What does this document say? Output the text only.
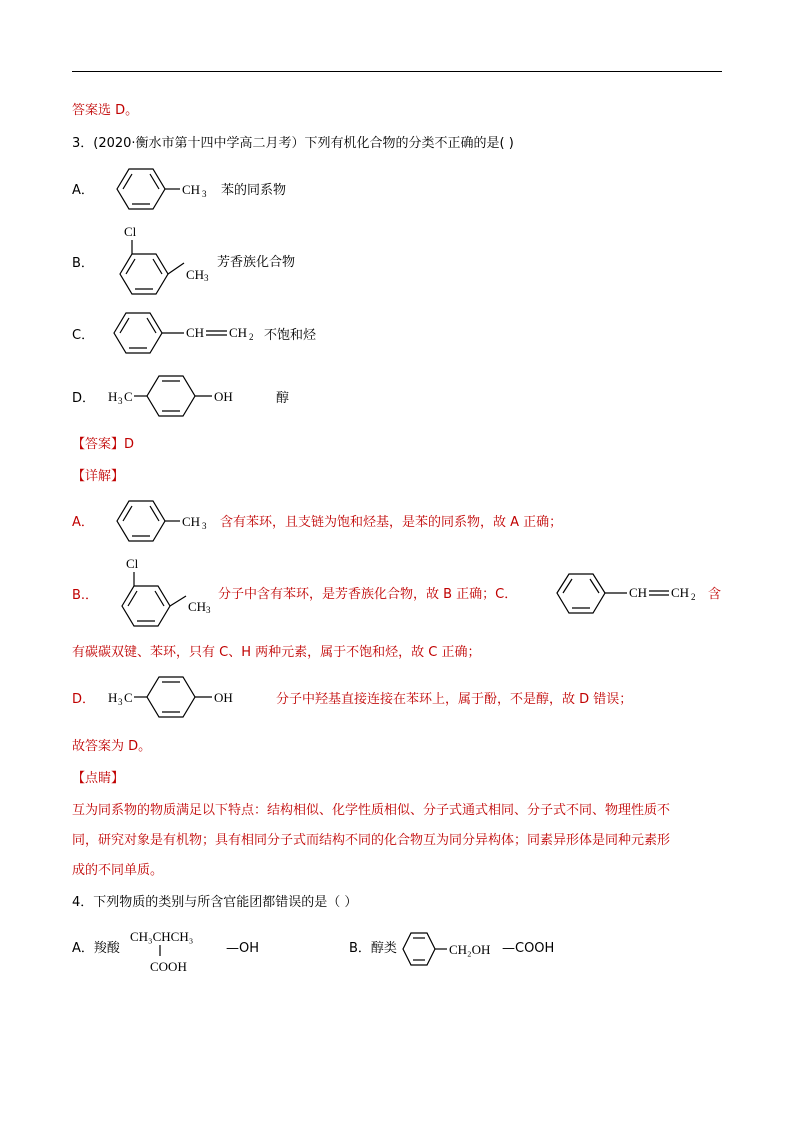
答案选 D。
3．(2020·衡水市第十四中学高二月考）下列有机化合物的分类不正确的是( )
A．	CH 3 苯的同系物
B．
Cl
CH 3
芳香族化合物
C．	CH CH 2 不饱和烃
D． H 3 C	OH	醇
【答案】D
【详解】
A．	CH 3 含有苯环，且支链为饱和烃基，是苯的同系物，故 A 正确；
B.．
Cl
CH 3
分子中含有苯环，是芳香族化合物，故 B 正确；C．	CH CH 2 含
有碳碳双键、苯环，只有 C、H 两种元素，属于不饱和烃，故 C 正确；
D． H 3 C	OH	分子中羟基直接连接在苯环上，属于酚，不是醇，故 D 错误；
故答案为 D。
【点睛】
互为同系物的物质满足以下特点：结构相似、化学性质相似、分子式通式相同、分子式不同、物理性质不
同，研究对象是有机物；具有相同分子式而结构不同的化合物互为同分异构体；同素异形体是同种元素形
成的不同单质。
4．下列物质的类别与所含官能团都错误的是（ ）
A．羧酸
CH₃CHCH₃
COOH
—OH	B．醇类	CH₂OH —COOH
